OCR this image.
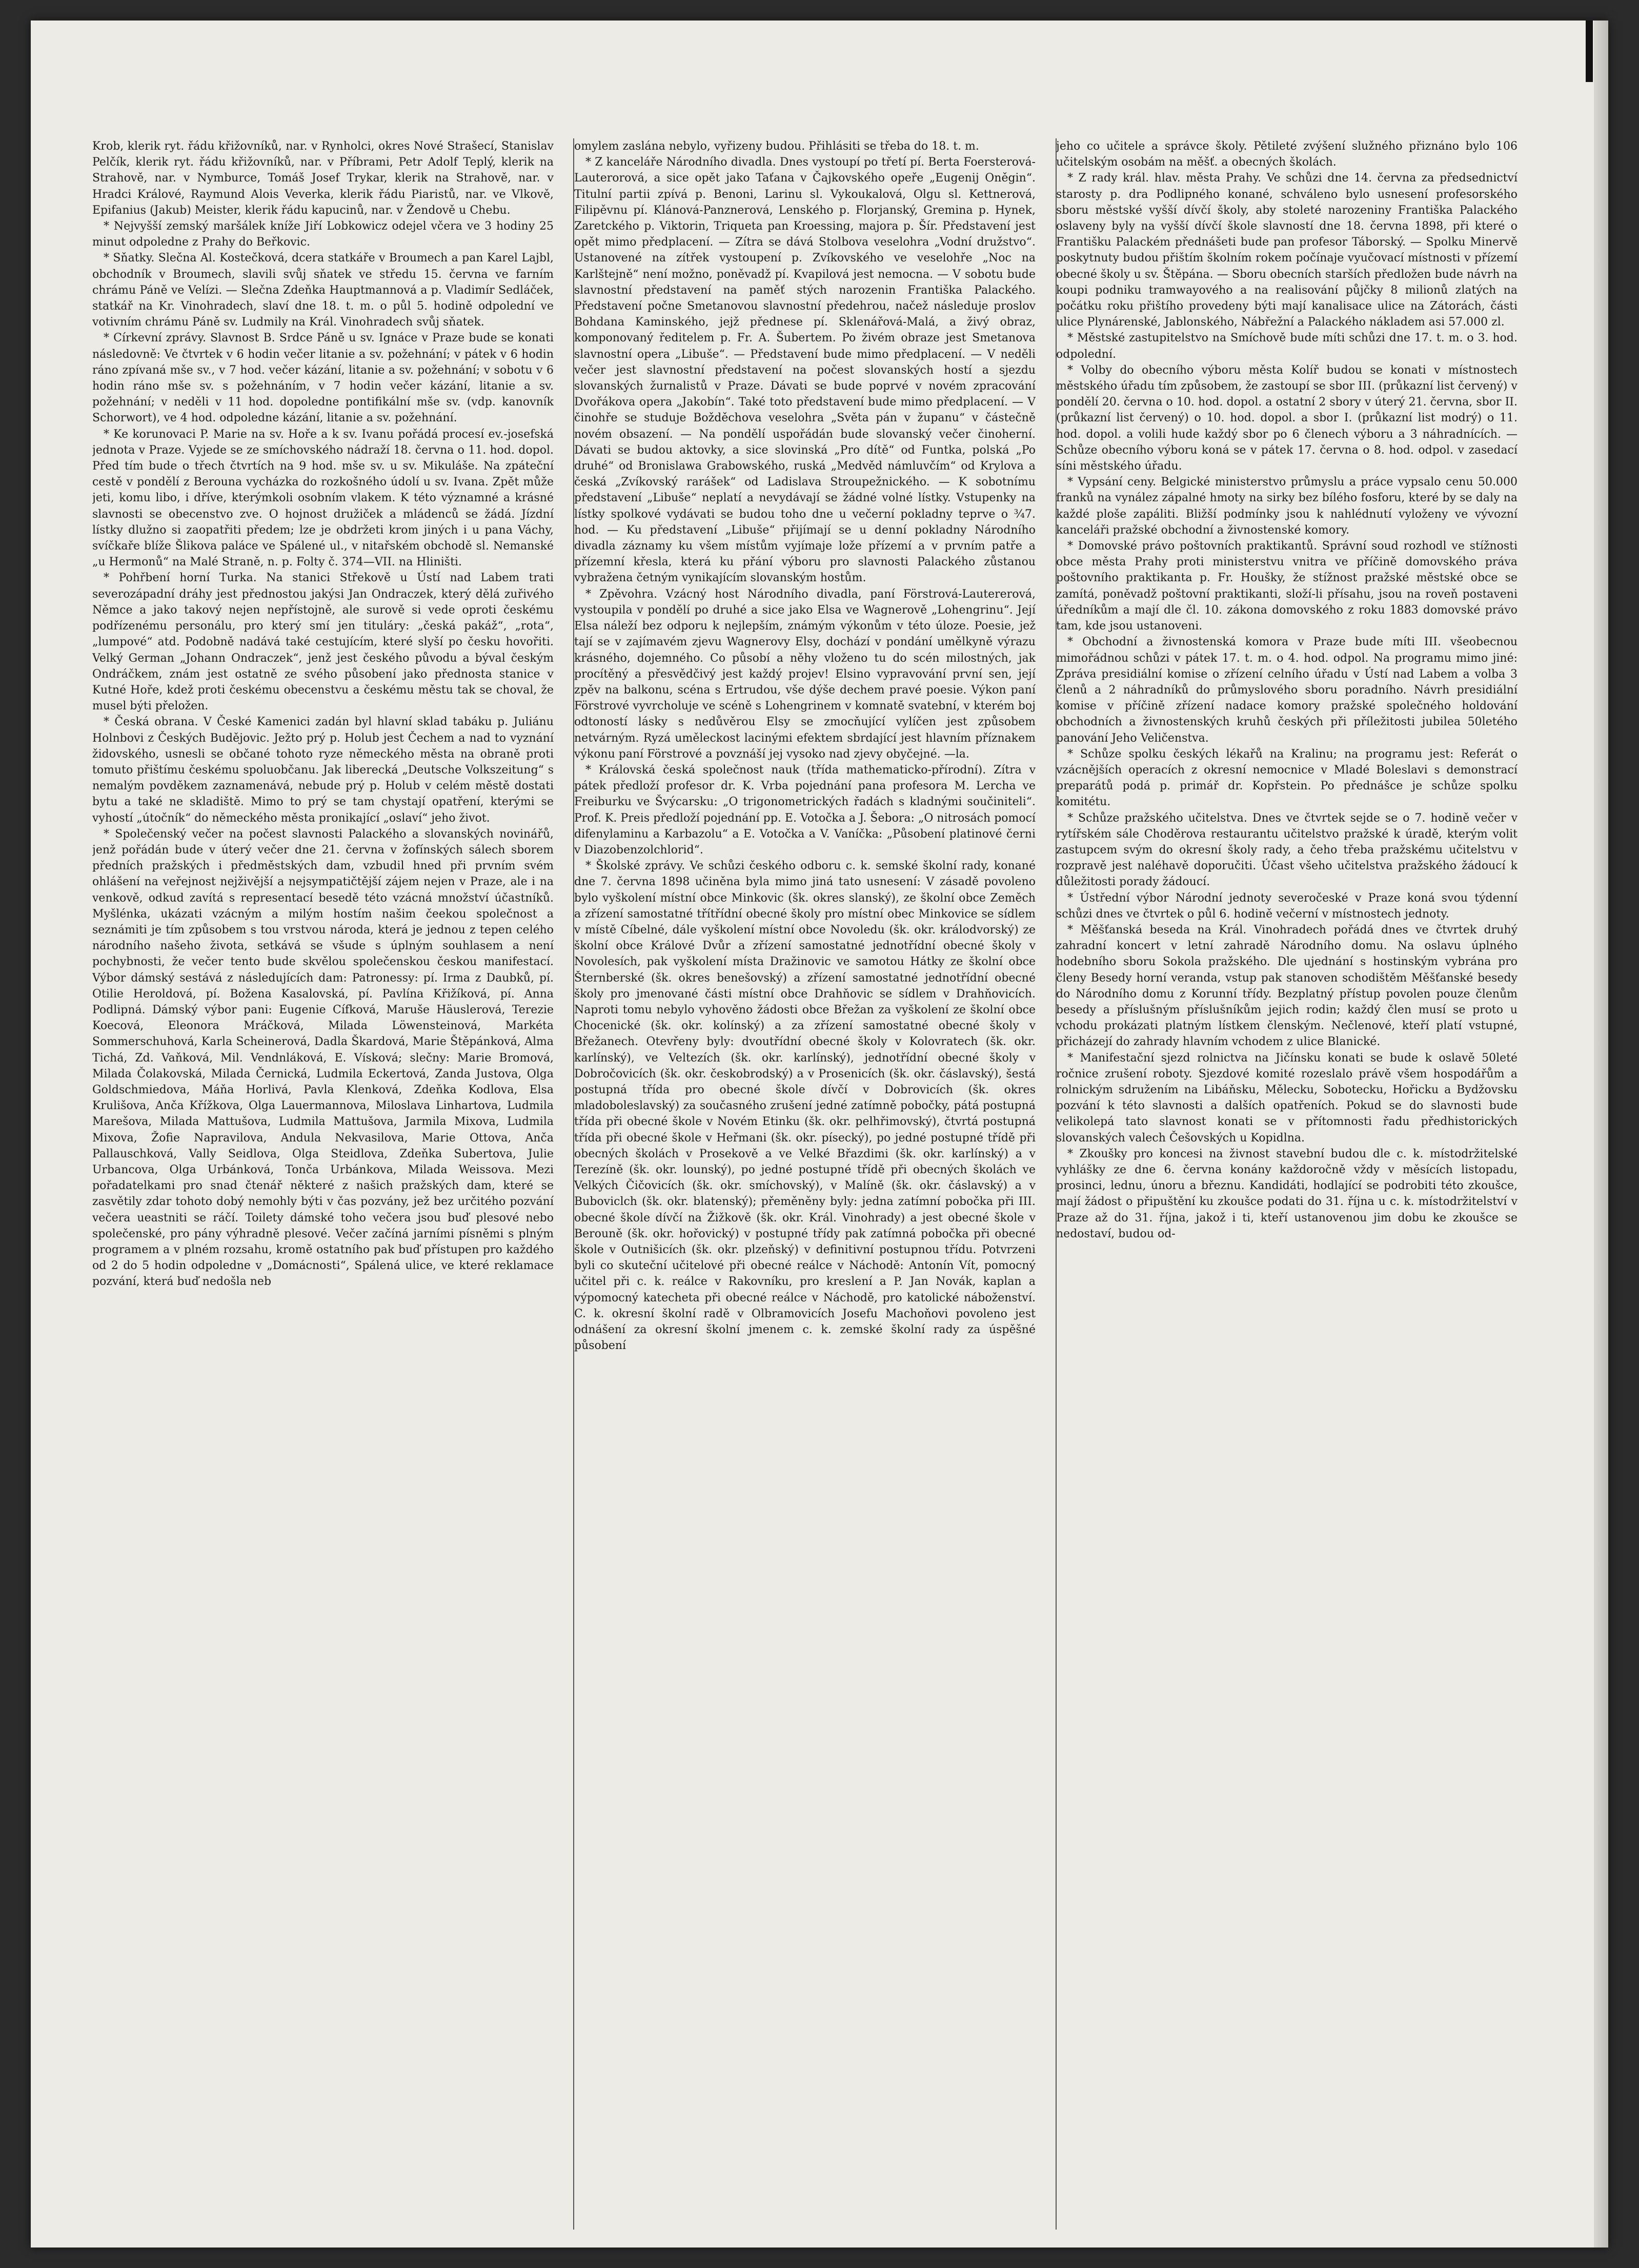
Krob, klerik ryt. řádu křižovníků, nar. v Rynholci, okres Nové Strašecí, Stanislav Pelčík, klerik ryt. řádu křižovníků, nar. v Příbrami, Petr Adolf Teplý, klerik na Strahově, nar. v Nymburce, Tomáš Josef Trykar, klerik na Strahově, nar. v Hradci Králové, Raymund Alois Veverka, klerik řádu Piaristů, nar. ve Vlkově, Epifanius (Jakub) Meister, klerik řádu kapucinů, nar. v Žendově u Chebu.

* Nejvyšší zemský maršálek kníže Jiří Lobkowicz odejel včera ve 3 hodiny 25 minut odpoledne z Prahy do Beřkovic.

* Sňatky. Slečna Al. Kostečková, dcera statkáře v Broumech a pan Karel Lajbl, obchodník v Broumech, slavili svůj sňatek ve středu 15. června ve farním chrámu Páně ve Velízi. — Slečna Zdeňka Hauptmannová a p. Vladimír Sedláček, statkář na Kr. Vinohradech, slaví dne 18. t. m. o půl 5. hodině odpolední ve votivním chrámu Páně sv. Ludmily na Král. Vinohradech svůj sňatek.

* Církevní zprávy. Slavnost B. Srdce Páně u sv. Ignáce v Praze bude se konati následovně: Ve čtvrtek v 6 hodin večer litanie a sv. požehnání; v pátek v 6 hodin ráno zpívaná mše sv., v 7 hod. večer kázání, litanie a sv. požehnání; v sobotu v 6 hodin ráno mše sv. s požehnáním, v 7 hodin večer kázání, litanie a sv. požehnání; v neděli v 11 hod. dopoledne pontifikální mše sv. (vdp. kanovník Schorwort), ve 4 hod. odpoledne kázání, litanie a sv. požehnání.

* Ke korunovaci P. Marie na sv. Hoře a k sv. Ivanu pořádá procesí ev.-josefská jednota v Praze. Vyjede se ze smíchovského nádraží 18. června o 11. hod. dopol. Před tím bude o třech čtvrtích na 9 hod. mše sv. u sv. Mikuláše. Na zpáteční cestě v pondělí z Berouna vycházka do rozkošného údolí u sv. Ivana. Zpět může jeti, komu libo, i dříve, kterýmkoli osobním vlakem. K této významné a krásné slavnosti se obecenstvo zve. O hojnost družiček a mládenců se žádá. Jízdní lístky dlužno si zaopatřiti předem; lze je obdržeti krom jiných i u pana Váchy, svíčkaře blíže Šlikova paláce ve Spálené ul., v nitařském obchodě sl. Nemanské „u Hermonů“ na Malé Straně, n. p. Folty č. 374—VII. na Hliništi.

* Pohřbení horní Turka. Na stanici Střekově u Ústí nad Labem trati severozápadní dráhy jest přednostou jakýsi Jan Ondraczek, který dělá zuřivého Němce a jako takový nejen nepřístojně, ale surově si vede oproti českému podřízenému personálu, pro který smí jen tituláry: „česká pakáž“, „rota“, „lumpové“ atd. Podobně nadává také cestujícím, které slyší po česku hovořiti. Velký German „Johann Ondraczek“, jenž jest českého původu a býval českým Ondráčkem, znám jest ostatně ze svého působení jako přednosta stanice v Kutné Hoře, kdež proti českému obecenstvu a českému městu tak se choval, že musel býti přeložen.

* Česká obrana. V České Kamenici zadán byl hlavní sklad tabáku p. Juliánu Holnbovi z Českých Budějovic. Ježto prý p. Holub jest Čechem a nad to vyznání židovského, usnesli se občané tohoto ryze německého města na obraně proti tomuto přištímu českému spoluobčanu. Jak liberecká „Deutsche Volkszeitung“ s nemalým povděkem zaznamenává, nebude prý p. Holub v celém městě dostati bytu a také ne skladiště. Mimo to prý se tam chystají opatření, kterými se vyhostí „útočník“ do německého města pronikající „oslaví“ jeho život.

* Společenský večer na počest slavnosti Palackého a slovanských novinářů, jenž pořádán bude v úterý večer dne 21. června v žofínských sálech sborem předních pražských i předměstských dam, vzbudil hned při prvním svém ohlášení na veřejnost nejživější a nejsympatičtější zájem nejen v Praze, ale i na venkově, odkud zavítá s representací besedě této vzácná množství účastníků. Myšlénka, ukázati vzácným a milým hostím našim čeekou společnost a seznámiti je tím způsobem s tou vrstvou národa, která je jednou z tepen celého národního našeho života, setkává se všude s úplným souhlasem a není pochybnosti, že večer tento bude skvělou společenskou českou manifestací. Výbor dámský sestává z následujících dam: Patronessy: pí. Irma z Daubků, pí. Otilie Heroldová, pí. Božena Kasalovská, pí. Pavlína Křižíková, pí. Anna Podlipná. Dámský výbor pani: Eugenie Cífková, Maruše Häuslerová, Terezie Koecová, Eleonora Mráčková, Milada Löwensteinová, Markéta Sommerschuhová, Karla Scheinerová, Dadla Škardová, Marie Štěpánková, Alma Tichá, Zd. Vaňková, Mil. Vendnláková, E. Vísková; slečny: Marie Bromová, Milada Čolakovská, Milada Černická, Ludmila Eckertová, Zanda Justova, Olga Goldschmiedova, Máňa Horlivá, Pavla Klenková, Zdeňka Kodlova, Elsa Krulišova, Anča Křížkova, Olga Lauermannova, Miloslava Linhartova, Ludmila Marešova, Milada Mattušova, Ludmila Mattušova, Jarmila Mixova, Ludmila Mixova, Žofie Napravilova, Andula Nekvasilova, Marie Ottova, Anča Pallauschková, Vally Seidlova, Olga Steidlova, Zdeňka Subertova, Julie Urbancova, Olga Urbánková, Tonča Urbánkova, Milada Weissova. Mezi pořadatelkami pro snad čtenář některé z našich pražských dam, které se zasvětily zdar tohoto dobý nemohly býti v čas pozvány, jež bez určitého pozvání večera ueastniti se ráčí. Toilety dámské toho večera jsou buď plesové nebo společenské, pro pány výhradně plesové. Večer začíná jarními písněmi s plným programem a v plném rozsahu, kromě ostatního pak buď přístupen pro každého od 2 do 5 hodin odpoledne v „Domácnosti“, Spálená ulice, ve které reklamace pozvání, která buď nedošla neb

omylem zaslána nebylo, vyřizeny budou. Přihlásiti se třeba do 18. t. m.

* Z kanceláře Národního divadla. Dnes vystoupí po třetí pí. Berta Foersterová-Lauterorová, a sice opět jako Taťana v Čajkovského opeře „Eugenij Oněgin“. Titulní partii zpívá p. Benoni, Larinu sl. Vykoukalová, Olgu sl. Kettnerová, Filipěvnu pí. Klánová-Panznerová, Lenského p. Florjanský, Gremina p. Hynek, Zaretckého p. Viktorin, Triqueta pan Kroessing, majora p. Šír. Představení jest opět mimo předplacení. — Zítra se dává Stolbova veselohra „Vodní družstvo“. Ustanovené na zítřek vystoupení p. Zvíkovského ve veselohře „Noc na Karlštejně“ není možno, poněvadž pí. Kvapilová jest nemocna. — V sobotu bude slavnostní představení na paměť stých narozenin Františka Palackého. Představení počne Smetanovou slavnostní předehrou, načež následuje proslov Bohdana Kaminského, jejž přednese pí. Sklenářová-Malá, a živý obraz, komponovaný ředitelem p. Fr. A. Šubertem. Po živém obraze jest Smetanova slavnostní opera „Libuše“. — Představení bude mimo předplacení. — V neděli večer jest slavnostní představení na počest slovanských hostí a sjezdu slovanských žurnalistů v Praze. Dávati se bude poprvé v novém zpracování Dvořákova opera „Jakobín“. Také toto představení bude mimo předplacení. — V činohře se studuje Božděchova veselohra „Světa pán v županu“ v částečně novém obsazení. — Na pondělí uspořádán bude slovanský večer činoherní. Dávati se budou aktovky, a sice slovinská „Pro dítě“ od Funtka, polská „Po druhé“ od Bronislawa Grabowského, ruská „Medvěd námluvčím“ od Krylova a česká „Zvíkovský rarášek“ od Ladislava Stroupežnického. — K sobotnímu představení „Libuše“ neplatí a nevydávají se žádné volné lístky. Vstupenky na lístky spolkové vydávati se budou toho dne u večerní pokladny teprve o ¾7. hod. — Ku představení „Libuše“ přijímají se u denní pokladny Národního divadla záznamy ku všem místům vyjímaje lože přízemí a v prvním patře a přízemní křesla, která ku přání výboru pro slavnosti Palackého zůstanou vybražena četným vynikajícím slovanským hostům.

* Zpěvohra. Vzácný host Národního divadla, paní Förstrová-Lautererová, vystoupila v pondělí po druhé a sice jako Elsa ve Wagnerově „Lohengrinu“. Její Elsa náleží bez odporu k nejlepším, známým výkonům v této úloze. Poesie, jež tají se v zajímavém zjevu Wagnerovy Elsy, dochází v pondání umělkyně výrazu krásného, dojemného. Co působí a něhy vloženo tu do scén milostných, jak procítěný a přesvědčivý jest každý projev! Elsino vypravování první sen, její zpěv na balkonu, scéna s Ertrudou, vše dýše dechem pravé poesie. Výkon paní Förstrové vyvrcholuje ve scéně s Lohengrinem v komnatě svatební, v kterém boj odtoností lásky s nedůvěrou Elsy se zmocňující vylíčen jest způsobem netvárným. Ryzá uměleckost lacinými efektem sbrdající jest hlavním příznakem výkonu paní Förstrové a povznáší jej vysoko nad zjevy obyčejné. —la.

* Královská česká společnost nauk (třída mathematicko-přírodní). Zítra v pátek předloží profesor dr. K. Vrba pojednání pana profesora M. Lercha ve Freiburku ve Švýcarsku: „O trigonometrických řadách s kladnými součiniteli“. Prof. K. Preis předloží pojednání pp. E. Votočka a J. Šebora: „O nitrosách pomocí difenylaminu a Karbazolu“ a E. Votočka a V. Vaníčka: „Působení platinové černi v Diazobenzolchlorid“.

* Školské zprávy. Ve schůzi českého odboru c. k. semské školní rady, konané dne 7. června 1898 učiněna byla mimo jiná tato usnesení: V zásadě povoleno bylo vyškolení místní obce Minkovic (šk. okres slanský), ze školní obce Zeměch a zřízení samostatné třítřídní obecné školy pro místní obec Minkovice se sídlem v místě Cíbelné, dále vyškolení místní obce Novoledu (šk. okr. králodvorský) ze školní obce Králové Dvůr a zřízení samostatné jednotřídní obecné školy v Novolesích, pak vyškolení místa Dražinovic ve samotou Hátky ze školní obce Šternberské (šk. okres benešovský) a zřízení samostatné jednotřídní obecné školy pro jmenované části místní obce Drahňovic se sídlem v Drahňovicích. Naproti tomu nebylo vyhověno žádosti obce Břežan za vyškolení ze školní obce Chocenické (šk. okr. kolínský) a za zřízení samostatné obecné školy v Břežanech. Otevřeny byly: dvoutřídní obecné školy v Kolovratech (šk. okr. karlínský), ve Veltezích (šk. okr. karlínský), jednotřídní obecné školy v Dobročovicích (šk. okr. českobrodský) a v Prosenicích (šk. okr. čáslavský), šestá postupná třída pro obecné škole dívčí v Dobrovicích (šk. okres mladoboleslavský) za současného zrušení jedné zatímně pobočky, pátá postupná třída při obecné škole v Novém Etinku (šk. okr. pelhřimovský), čtvrtá postupná třída při obecné škole v Heřmani (šk. okr. písecký), po jedné postupné třídě při obecných školách v Prosekově a ve Velké Břazdimi (šk. okr. karlínský) a v Terezíně (šk. okr. lounský), po jedné postupné třídě při obecných školách ve Velkých Čičovicích (šk. okr. smíchovský), v Malíně (šk. okr. čáslavský) a v Buboviclch (šk. okr. blatenský); přeměněny byly: jedna zatímní pobočka při III. obecné škole dívčí na Žižkově (šk. okr. Král. Vinohrady) a jest obecné škole v Berouně (šk. okr. hořovický) v postupné třídy pak zatímná pobočka při obecné škole v Outnišicích (šk. okr. plzeňský) v definitivní postupnou třídu. Potvrzeni byli co skuteční učitelové při obecné reálce v Náchodě: Antonín Vít, pomocný učitel při c. k. reálce v Rakovníku, pro kreslení a P. Jan Novák, kaplan a výpomocný katecheta při obecné reálce v Náchodě, pro katolické náboženství. C. k. okresní školní radě v Olbramovicích Josefu Machoňovi povoleno jest odnášení za okresní školní jmenem c. k. zemské školní rady za úspěšné působení

jeho co učitele a správce školy. Pětileté zvýšení služného přiznáno bylo 106 učitelským osobám na měšť. a obecných školách.

* Z rady král. hlav. města Prahy. Ve schůzi dne 14. června za předsednictví starosty p. dra Podlipného konané, schváleno bylo usnesení profesorského sboru městské vyšší dívčí školy, aby stoleté narozeniny Františka Palackého oslaveny byly na vyšší dívčí škole slavností dne 18. června 1898, při které o Františku Palackém přednášeti bude pan profesor Táborský. — Spolku Minervě poskytnuty budou přištím školním rokem počínaje vyučovací místnosti v přízemí obecné školy u sv. Štěpána. — Sboru obecních starších předložen bude návrh na koupi podniku tramwayového a na realisování půjčky 8 milionů zlatých na počátku roku přištího provedeny býti mají kanalisace ulice na Zátorách, části ulice Plynárenské, Jablonského, Nábřežní a Palackého nákladem asi 57.000 zl.

* Městské zastupitelstvo na Smíchově bude míti schůzi dne 17. t. m. o 3. hod. odpolední.

* Volby do obecního výboru města Kolíř budou se konati v místnostech městského úřadu tím způsobem, že zastoupí se sbor III. (průkazní list červený) v pondělí 20. června o 10. hod. dopol. a ostatní 2 sbory v úterý 21. června, sbor II. (průkazní list červený) o 10. hod. dopol. a sbor I. (průkazní list modrý) o 11. hod. dopol. a volili hude každý sbor po 6 členech výboru a 3 náhradnících. — Schůze obecního výboru koná se v pátek 17. června o 8. hod. odpol. v zasedací síni městského úřadu.

* Vypsání ceny. Belgické ministerstvo průmyslu a práce vypsalo cenu 50.000 franků na vynález zápalné hmoty na sirky bez bílého fosforu, které by se daly na každé ploše zapáliti. Bližší podmínky jsou k nahlédnutí vyloženy ve vývozní kanceláři pražské obchodní a živnostenské komory.

* Domovské právo poštovních praktikantů. Správní soud rozhodl ve stížnosti obce města Prahy proti ministerstvu vnitra ve příčině domovského práva poštovního praktikanta p. Fr. Houšky, že stížnost pražské městské obce se zamítá, poněvadž poštovní praktikanti, složí-li přísahu, jsou na roveň postaveni úředníkům a mají dle čl. 10. zákona domovského z roku 1883 domovské právo tam, kde jsou ustanoveni.

* Obchodní a živnostenská komora v Praze bude míti III. všeobecnou mimořádnou schůzi v pátek 17. t. m. o 4. hod. odpol. Na programu mimo jiné: Zpráva presidiální komise o zřízení celního úřadu v Ústí nad Labem a volba 3 členů a 2 náhradníků do průmyslového sboru poradního. Návrh presidiální komise v příčině zřízení nadace komory pražské společného holdování obchodních a živnostenských kruhů českých při příležitosti jubilea 50letého panování Jeho Veličenstva.

* Schůze spolku českých lékařů na Kralinu; na programu jest: Referát o vzácnějších operacích z okresní nemocnice v Mladé Boleslavi s demonstrací preparátů podá p. primář dr. Kopřstein. Po přednášce je schůze spolku komitétu.

* Schůze pražského učitelstva. Dnes ve čtvrtek sejde se o 7. hodině večer v rytířském sále Choděrova restaurantu učitelstvo pražské k úradě, kterým volit zastupcem svým do okresní školy rady, a čeho třeba pražskému učitelstvu v rozpravě jest naléhavě doporučiti. Účast všeho učitelstva pražského žádoucí k důležitosti porady žádoucí.

* Ústřední výbor Národní jednoty severočeské v Praze koná svou týdenní schůzi dnes ve čtvrtek o půl 6. hodině večerní v místnostech jednoty.

* Měšťanská beseda na Král. Vinohradech pořádá dnes ve čtvrtek druhý zahradní koncert v letní zahradě Národního domu. Na oslavu úplného hodebního sboru Sokola pražského. Dle ujednání s hostinským vybrána pro členy Besedy horní veranda, vstup pak stanoven schodištěm Měšťanské besedy do Národního domu z Korunní třídy. Bezplatný přístup povolen pouze členům besedy a příslušným příslušníkům jejich rodin; každý člen musí se proto u vchodu prokázati platným lístkem členským. Nečlenové, kteří platí vstupné, přicházejí do zahrady hlavním vchodem z ulice Blanické.

* Manifestační sjezd rolnictva na Jičínsku konati se bude k oslavě 50leté ročnice zrušení roboty. Sjezdové komité rozeslalo právě všem hospodářům a rolnickým sdružením na Libáňsku, Mělecku, Sobotecku, Hořicku a Bydžovsku pozvání k této slavnosti a dalších opatřeních. Pokud se do slavnosti bude velikolepá tato slavnost konati se v přítomnosti řadu předhistorických slovanských valech Češovských u Kopidlna.

* Zkoušky pro koncesi na živnost stavební budou dle c. k. místodržitelské vyhlášky ze dne 6. června konány každoročně vždy v měsících listopadu, prosinci, lednu, únoru a březnu. Kandidáti, hodlající se podrobiti této zkoušce, mají žádost o připuštění ku zkoušce podati do 31. října u c. k. místodržitelství v Praze až do 31. října, jakož i ti, kteří ustanovenou jim dobu ke zkoušce se nedostaví, budou od-
